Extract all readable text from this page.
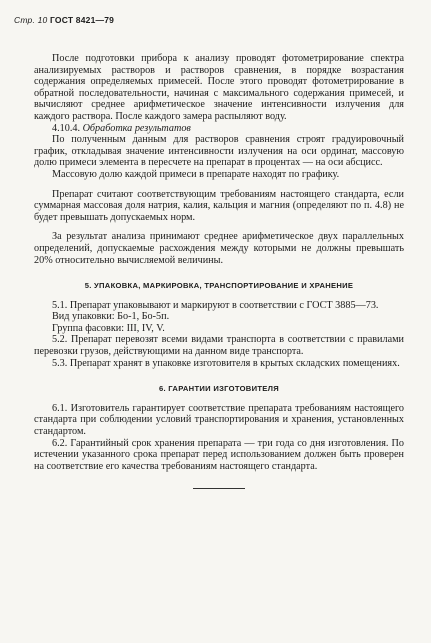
Стр. 10 ГОСТ 8421—79

После подготовки прибора к анализу проводят фотометрирование спектра анализируемых растворов и растворов сравнения, в порядке возрастания содержания определяемых примесей. После этого проводят фотометрирование в обратной последовательности, начиная с максимального содержания примесей, и вычисляют среднее арифметическое значение интенсивности излучения для каждого раствора. После каждого замера распыляют воду.

4.10.4. Обработка результатов

По полученным данным для растворов сравнения строят градуировочный график, откладывая значение интенсивности излучения на оси ординат, массовую долю примеси элемента в пересчете на препарат в процентах — на оси абсцисс.

Массовую долю каждой примеси в препарате находят по графику.

Препарат считают соответствующим требованиям настоящего стандарта, если суммарная массовая доля натрия, калия, кальция и магния (определяют по п. 4.8) не будет превышать допускаемых норм.

За результат анализа принимают среднее арифметическое двух параллельных определений, допускаемые расхождения между которыми не должны превышать 20% относительно вычисляемой величины.

5. УПАКОВКА, МАРКИРОВКА, ТРАНСПОРТИРОВАНИЕ И ХРАНЕНИЕ

5.1. Препарат упаковывают и маркируют в соответствии с ГОСТ 3885—73.

Вид упаковки: Бо-1, Бо-5п.

Группа фасовки: III, IV, V.

5.2. Препарат перевозят всеми видами транспорта в соответствии с правилами перевозки грузов, действующими на данном виде транспорта.

5.3. Препарат хранят в упаковке изготовителя в крытых складских помещениях.

6. ГАРАНТИИ ИЗГОТОВИТЕЛЯ

6.1. Изготовитель гарантирует соответствие препарата требованиям настоящего стандарта при соблюдении условий транспортирования и хранения, установленных стандартом.

6.2. Гарантийный срок хранения препарата — три года со дня изготовления. По истечении указанного срока препарат перед использованием должен быть проверен на соответствие его качества требованиям настоящего стандарта.
